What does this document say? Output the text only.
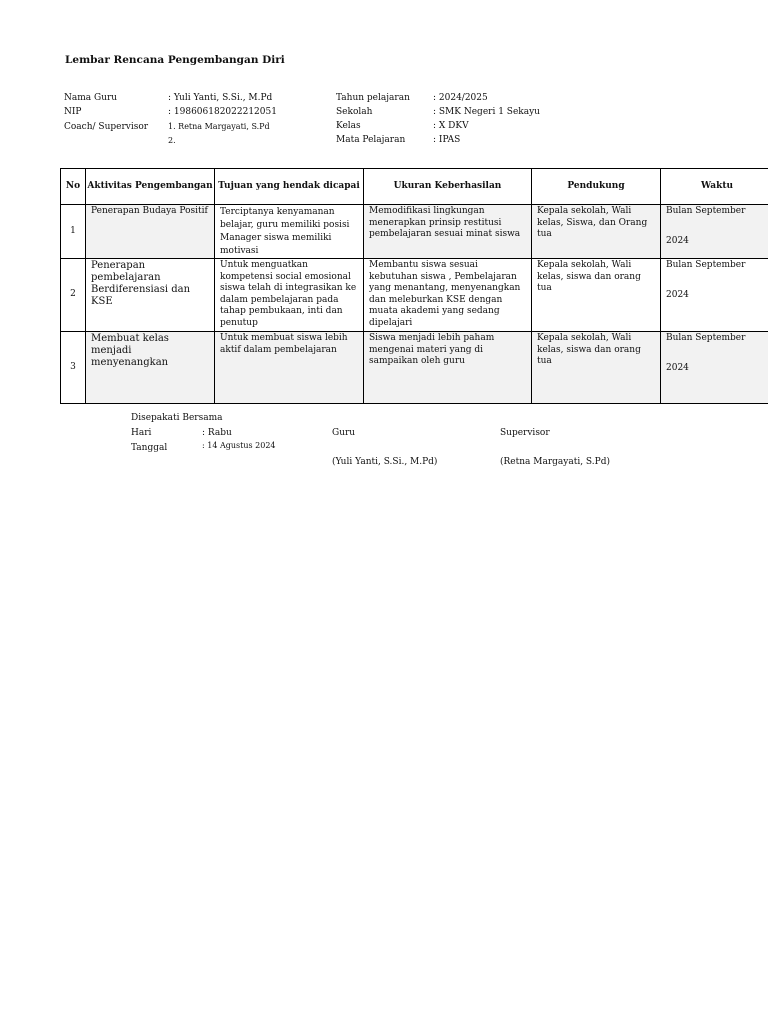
Lembar Rencana Pengembangan Diri
Nama Guru	: Yuli Yanti, S.Si., M.Pd
NIP	: 198606182022212051
Coach/ Supervisor 1. Retna Margayati, S.Pd
2.
Tahun pelajaran	: 2024/2025
Sekolah	: SMK Negeri 1 Sekayu
Kelas	: X DKV
Mata Pelajaran	: IPAS
No	Aktivitas Pengembangan	Tujuan yang hendak dicapai	Ukuran Keberhasilan	Pendukung	Waktu
1	Penerapan Budaya Positif	Terciptanya kenyamanan belajar, guru memiliki posisi Manager siswa memiliki motivasi	Memodifikasi lingkungan menerapkan prinsip restitusi pembelajaran sesuai minat siswa	Kepala sekolah, Wali kelas, Siswa, dan Orang tua	Bulan September
2024

2	Penerapan pembelajaran Berdiferensiasi dan KSE	Untuk menguatkan kompetensi social emosional siswa telah di integrasikan ke dalam pembelajaran pada tahap pembukaan, inti dan penutup	Membantu siswa sesuai kebutuhan siswa , Pembelajaran yang menantang, menyenangkan dan meleburkan KSE dengan muata akademi yang sedang dipelajari	Kepala sekolah, Wali kelas, siswa dan orang tua	Bulan September
2024

3	Membuat kelas menjadi menyenangkan	Untuk membuat siswa lebih aktif dalam pembelajaran	Siswa menjadi lebih paham mengenai materi yang di sampaikan oleh guru	Kepala sekolah, Wali kelas, siswa dan orang tua	Bulan September
2024
Disepakati Bersama
Hari	: Rabu
Tanggal	: 14 Agustus 2024
Guru
(Yuli Yanti, S.Si., M.Pd)
Supervisor
(Retna Margayati, S.Pd)
